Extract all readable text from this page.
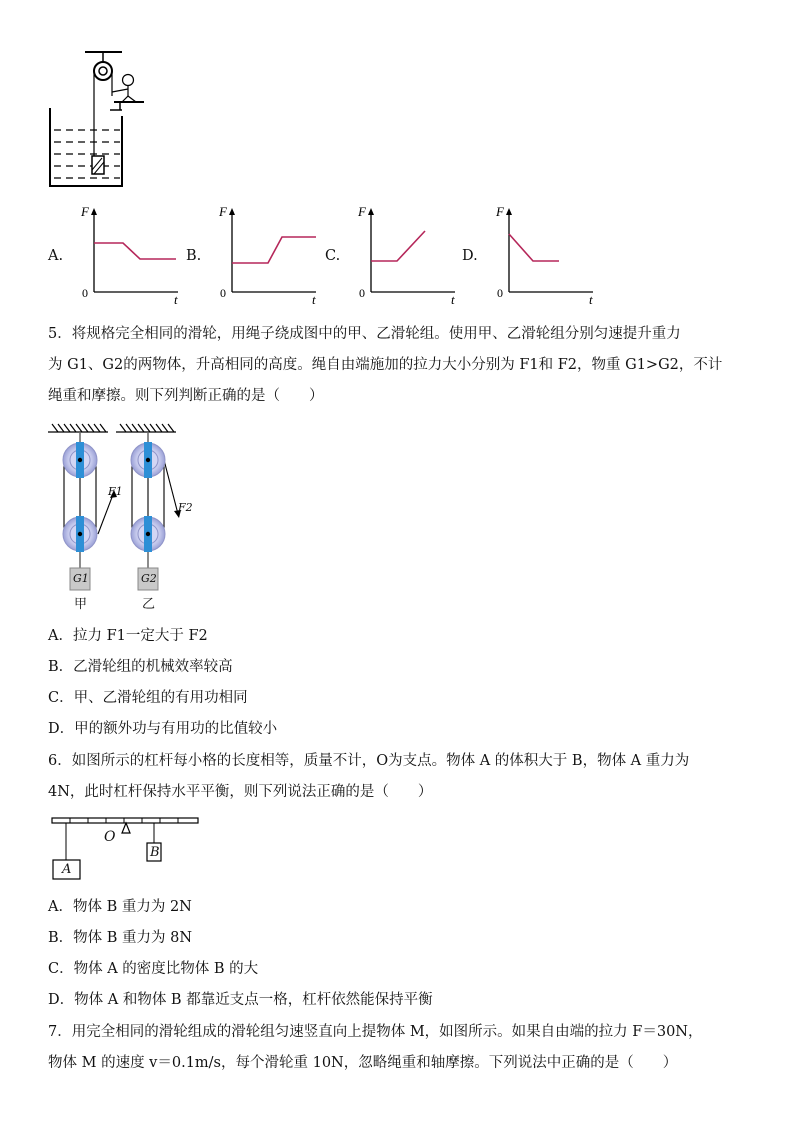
A.	B.	C.	D.
F
t
0
F
t
0
F
t
0
F
t
0
5．将规格完全相同的滑轮，用绳子绕成图中的甲、乙滑轮组。使用甲、乙滑轮组分别匀速提升重力
为 G1、G2的两物体，升高相同的高度。绳自由端施加的拉力大小分别为 F1和 F2，物重 G1>G2，不计
绳重和摩擦。则下列判断正确的是（　　）
F1
F2
G1	G2
甲	乙
A．拉力 F1一定大于 F2
B．乙滑轮组的机械效率较高
C．甲、乙滑轮组的有用功相同
D．甲的额外功与有用功的比值较小
6．如图所示的杠杆每小格的长度相等，质量不计，O为支点。物体 A 的体积大于 B，物体 A 重力为
4N，此时杠杆保持水平平衡，则下列说法正确的是（　　）
O
A
B
A．物体 B 重力为 2N
B．物体 B 重力为 8N
C．物体 A 的密度比物体 B 的大
D．物体 A 和物体 B 都靠近支点一格，杠杆依然能保持平衡
7．用完全相同的滑轮组成的滑轮组匀速竖直向上提物体 M，如图所示。如果自由端的拉力 F＝30N，
物体 M 的速度 v＝0.1m/s，每个滑轮重 10N，忽略绳重和轴摩擦。下列说法中正确的是（　　）
